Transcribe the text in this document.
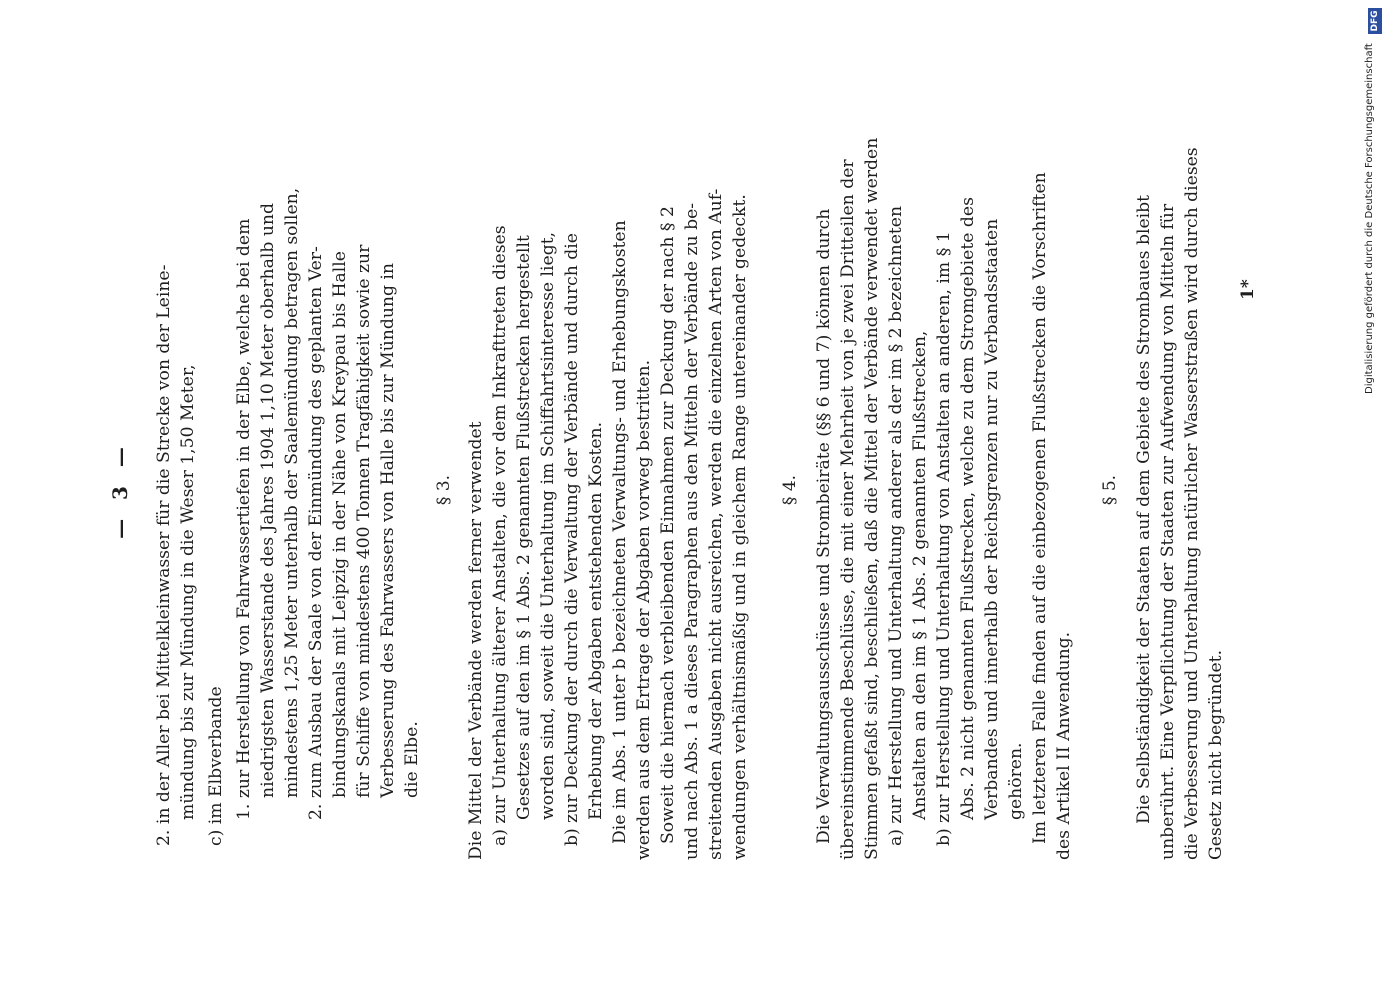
— 3 — 2. in der Aller bei Mittelkleinwasser für die Strecke von der Leine- mündung bis zur Mündung in die Weser 1,50 Meter, c) im Elbverbande 1. zur Herstellung von Fahrwassertiefen in der Elbe, welche bei dem niedrigsten Wasserstande des Jahres 1904 1,10 Meter oberhalb und mindestens 1,25 Meter unterhalb der Saalemündung betragen sollen, 2. zum Ausbau der Saale von der Einmündung des geplanten Ver- bindungskanals mit Leipzig in der Nähe von Kreypau bis Halle für Schiffe von mindestens 400 Tonnen Tragfähigkeit sowie zur Verbesserung des Fahrwassers von Halle bis zur Mündung in die Elbe.
§ 3. Die Mittel der Verbände werden ferner verwendet a) zur Unterhaltung älterer Anstalten, die vor dem Inkrafttreten dieses Gesetzes auf den im § 1 Abs. 2 genannten Flußstrecken hergestellt worden sind, soweit die Unterhaltung im Schiffahrtsinteresse liegt, b) zur Deckung der durch die Verwaltung der Verbände und durch die Erhebung der Abgaben entstehenden Kosten. Die im Abs. 1 unter b bezeichneten Verwaltungs- und Erhebungskosten werden aus dem Ertrage der Abgaben vorweg bestritten. Soweit die hiernach verbleibenden Einnahmen zur Deckung der nach § 2 und nach Abs. 1 a dieses Paragraphen aus den Mitteln der Verbände zu be- streitenden Ausgaben nicht ausreichen, werden die einzelnen Arten von Auf- wendungen verhältnismäßig und in gleichem Range untereinander gedeckt. § 4. Die Verwaltungsausschüsse und Strombeiräte (§§ 6 und 7) können durch übereinstimmende Beschlüsse, die mit einer Mehrheit von je zwei Dritteilen der Stimmen gefaßt sind, beschließen, daß die Mittel der Verbände verwendet werden a) zur Herstellung und Unterhaltung anderer als der im § 2 bezeichneten Anstalten an den im § 1 Abs. 2 genannten Flußstrecken, b) zur Herstellung und Unterhaltung von Anstalten an anderen, im § 1 Abs. 2 nicht genannten Flußstrecken, welche zu dem Stromgebiete des Verbandes und innerhalb der Reichsgrenzen nur zu Verbandsstaaten gehören. Im letzteren Falle finden auf die einbezogenen Flußstrecken die Vorschriften des Artikel II Anwendung.
§ 5. Die Selbständigkeit der Staaten auf dem Gebiete des Strombaues bleibt unberührt. Eine Verpflichtung der Staaten zur Aufwendung von Mitteln für die Verbesserung und Unterhaltung natürlicher Wasserstraßen wird durch dieses Gesetz nicht begründet.
1*
DFG
Digitalisierung gefördert durch die Deutsche Forschungsgemeinschaft
